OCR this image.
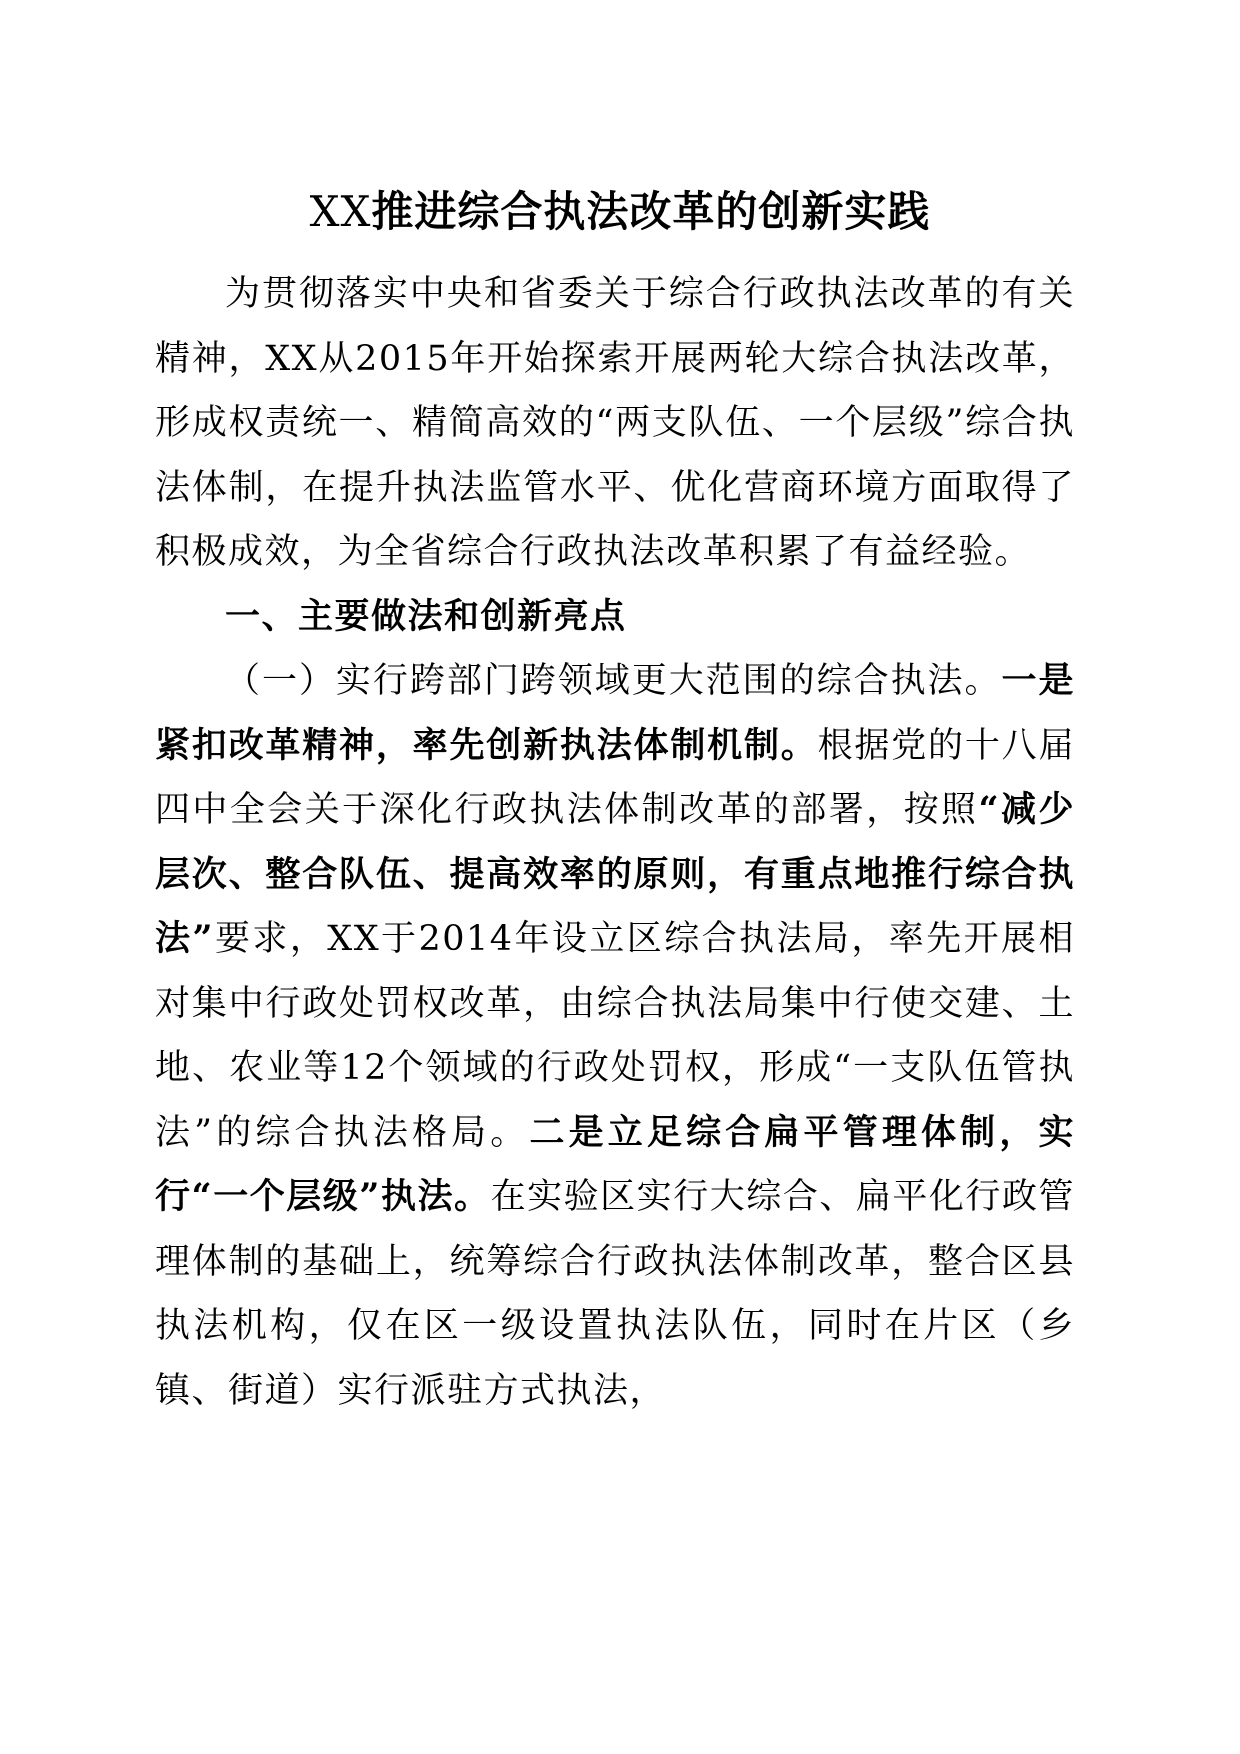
XX推进综合执法改革的创新实践

为贯彻落实中央和省委关于综合行政执法改革的有关精神，XX从2015年开始探索开展两轮大综合执法改革，形成权责统一、精简高效的“两支队伍、一个层级”综合执法体制，在提升执法监管水平、优化营商环境方面取得了积极成效，为全省综合行政执法改革积累了有益经验。

一、主要做法和创新亮点

（一）实行跨部门跨领域更大范围的综合执法。一是紧扣改革精神，率先创新执法体制机制。根据党的十八届四中全会关于深化行政执法体制改革的部署，按照“减少层次、整合队伍、提高效率的原则，有重点地推行综合执法”要求，XX于2014年设立区综合执法局，率先开展相对集中行政处罚权改革，由综合执法局集中行使交建、土地、农业等12个领域的行政处罚权，形成“一支队伍管执法”的综合执法格局。二是立足综合扁平管理体制，实行“一个层级”执法。在实验区实行大综合、扁平化行政管理体制的基础上，统筹综合行政执法体制改革，整合区县执法机构，仅在区一级设置执法队伍，同时在片区（乡镇、街道）实行派驻方式执法，
